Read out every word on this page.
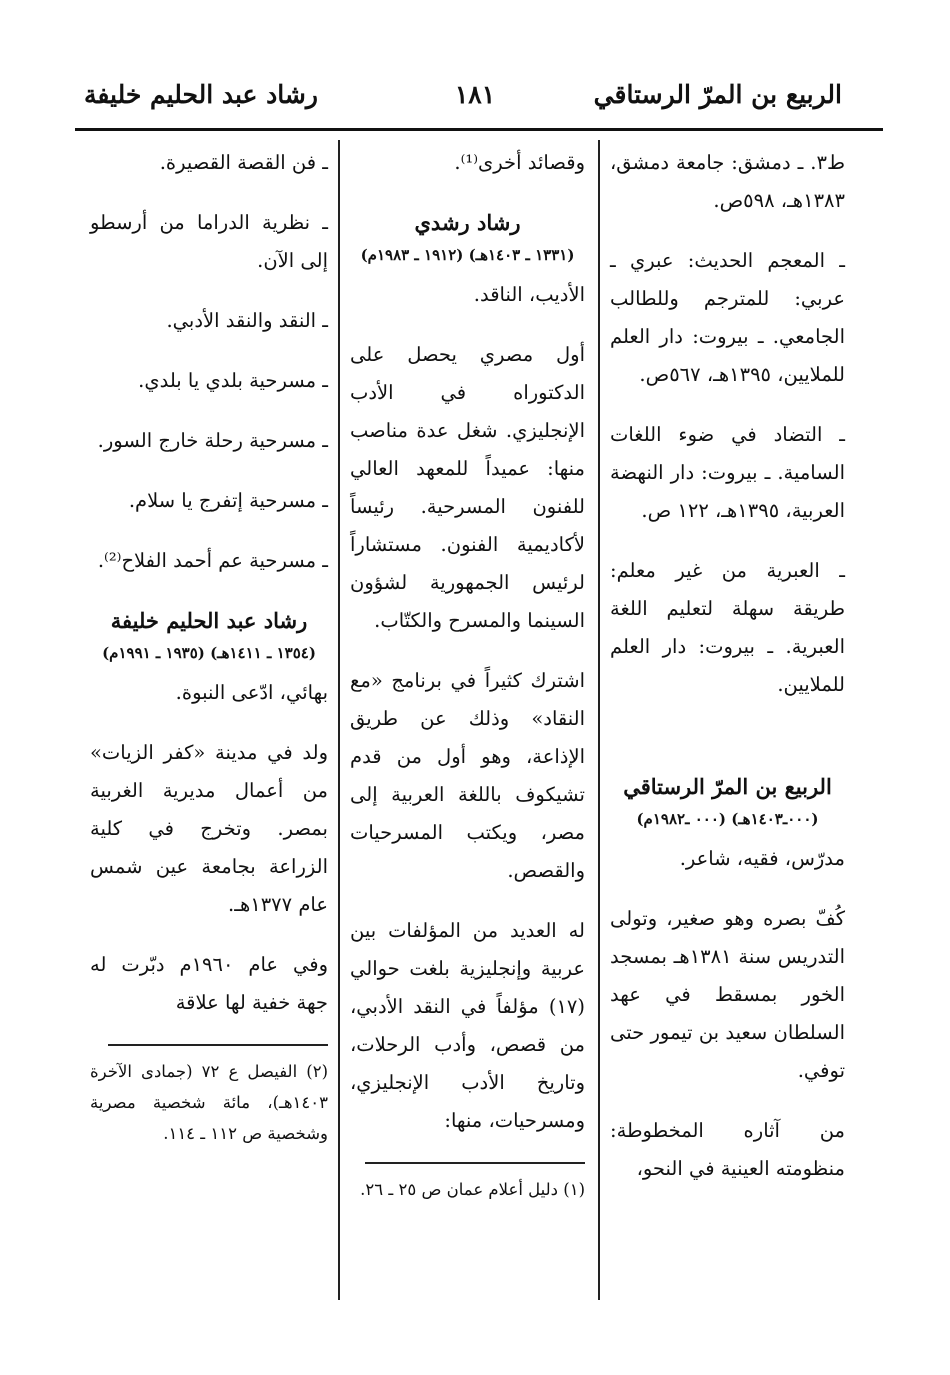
الربيع بن المرّ الرستاقي
١٨١
رشاد عبد الحليم خليفة

ط٣. ـ دمشق: جامعة دمشق، ١٣٨٣هـ، ٥٩٨ص.

ـ المعجم الحديث: عبري ـ عربي: للمترجم وللطالب الجامعي. ـ بيروت: دار العلم للملايين، ١٣٩٥هـ، ٥٦٧ص.

ـ التضاد في ضوء اللغات السامية. ـ بيروت: دار النهضة العربية، ١٣٩٥هـ، ١٢٢ ص.

ـ العبرية من غير معلم: طريقة سهلة لتعليم اللغة العبرية. ـ بيروت: دار العلم للملايين.

الربيع بن المرّ الرستاقي
(٠٠٠ـ١٤٠٣هـ) (٠٠٠ ـ١٩٨٢م)

مدرّس، فقيه، شاعر.

كُفّ بصره وهو صغير، وتولى التدريس سنة ١٣٨١هـ بمسجد الخور بمسقط في عهد السلطان سعيد بن تيمور حتى توفي.

من آثاره المخطوطة: منظومته العينية في النحو،

وقصائد أخرى⁽¹⁾.

رشاد رشدي
(١٣٣١ ـ ١٤٠٣هـ) (١٩١٢ ـ ١٩٨٣م)

الأديب، الناقد.

أول مصري يحصل على الدكتوراه في الأدب الإنجليزي. شغل عدة مناصب منها: عميداً للمعهد العالي للفنون المسرحية. رئيساً لأكاديمية الفنون. مستشاراً لرئيس الجمهورية لشؤون السينما والمسرح والكتّاب.

اشترك كثيراً في برنامج «مع النقاد» وذلك عن طريق الإذاعة، وهو أول من قدم تشيكوف باللغة العربية إلى مصر، ويكتب المسرحيات والقصص.

له العديد من المؤلفات بين عربية وإنجليزية بلغت حوالي (١٧) مؤلفاً في النقد الأدبي، من قصص، وأدب الرحلات، وتاريخ الأدب الإنجليزي، ومسرحيات، منها:

(١) دليل أعلام عمان ص ٢٥ ـ ٢٦.

ـ فن القصة القصيرة.

ـ نظرية الدراما من أرسطو إلى الآن.

ـ النقد والنقد الأدبي.

ـ مسرحية بلدي يا بلدي.

ـ مسرحية رحلة خارج السور.

ـ مسرحية إتفرج يا سلام.

ـ مسرحية عم أحمد الفلاح⁽²⁾.

رشاد عبد الحليم خليفة
(١٣٥٤ ـ ١٤١١هـ) (١٩٣٥ ـ ١٩٩١م)

بهائي، ادّعى النبوة.

ولد في مدينة «كفر الزيات» من أعمال مديرية الغربية بمصر. وتخرج في كلية الزراعة بجامعة عين شمس عام ١٣٧٧هـ.

وفي عام ١٩٦٠م دبّرت له جهة خفية لها علاقة

(٢) الفيصل ع ٧٢ (جمادى الآخرة ١٤٠٣هـ)، مائة شخصية مصرية وشخصية ص ١١٢ ـ ١١٤.
